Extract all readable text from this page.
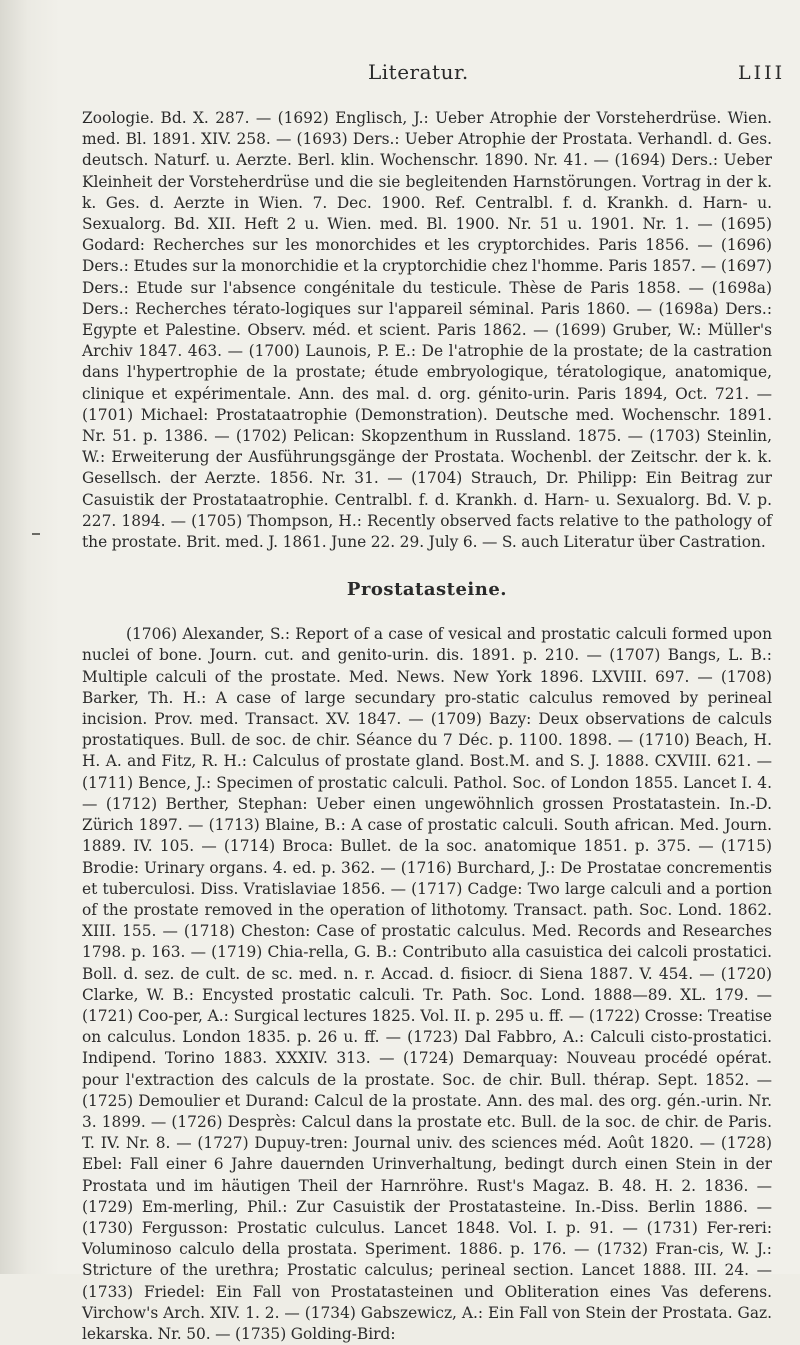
Literatur.	LIII

Zoologie. Bd. X. 287. — (1692) Englisch, J.: Ueber Atrophie der Vorsteherdrüse. Wien. med. Bl. 1891. XIV. 258. — (1693) Ders.: Ueber Atrophie der Prostata. Verhandl. d. Ges. deutsch. Naturf. u. Aerzte. Berl. klin. Wochenschr. 1890. Nr. 41. — (1694) Ders.: Ueber Kleinheit der Vorsteherdrüse und die sie begleitenden Harnstörungen. Vortrag in der k. k. Ges. d. Aerzte in Wien. 7. Dec. 1900. Ref. Centralbl. f. d. Krankh. d. Harn- u. Sexualorg. Bd. XII. Heft 2 u. Wien. med. Bl. 1900. Nr. 51 u. 1901. Nr. 1. — (1695) Godard: Recherches sur les monorchides et les cryptorchides. Paris 1856. — (1696) Ders.: Etudes sur la monorchidie et la cryptorchidie chez l'homme. Paris 1857. — (1697) Ders.: Etude sur l'absence congénitale du testicule. Thèse de Paris 1858. — (1698a) Ders.: Recherches térato-logiques sur l'appareil séminal. Paris 1860. — (1698a) Ders.: Egypte et Palestine. Observ. méd. et scient. Paris 1862. — (1699) Gruber, W.: Müller's Archiv 1847. 463. — (1700) Launois, P. E.: De l'atrophie de la prostate; de la castration dans l'hypertrophie de la prostate; étude embryologique, tératologique, anatomique, clinique et expérimentale. Ann. des mal. d. org. génito-urin. Paris 1894, Oct. 721. — (1701) Michael: Prostataatrophie (Demonstration). Deutsche med. Wochenschr. 1891. Nr. 51. p. 1386. — (1702) Pelican: Skopzenthum in Russland. 1875. — (1703) Steinlin, W.: Erweiterung der Ausführungsgänge der Prostata. Wochenbl. der Zeitschr. der k. k. Gesellsch. der Aerzte. 1856. Nr. 31. — (1704) Strauch, Dr. Philipp: Ein Beitrag zur Casuistik der Prostataatrophie. Centralbl. f. d. Krankh. d. Harn- u. Sexualorg. Bd. V. p. 227. 1894. — (1705) Thompson, H.: Recently observed facts relative to the pathology of the prostate. Brit. med. J. 1861. June 22. 29. July 6. — S. auch Literatur über Castration.

Prostatasteine.

(1706) Alexander, S.: Report of a case of vesical and prostatic calculi formed upon nuclei of bone. Journ. cut. and genito-urin. dis. 1891. p. 210. — (1707) Bangs, L. B.: Multiple calculi of the prostate. Med. News. New York 1896. LXVIII. 697. — (1708) Barker, Th. H.: A case of large secundary pro-static calculus removed by perineal incision. Prov. med. Transact. XV. 1847. — (1709) Bazy: Deux observations de calculs prostatiques. Bull. de soc. de chir. Séance du 7 Déc. p. 1100. 1898. — (1710) Beach, H. H. A. and Fitz, R. H.: Calculus of prostate gland. Bost.M. and S. J. 1888. CXVIII. 621. — (1711) Bence, J.: Specimen of prostatic calculi. Pathol. Soc. of London 1855. Lancet I. 4. — (1712) Berther, Stephan: Ueber einen ungewöhnlich grossen Prostatastein. In.-D. Zürich 1897. — (1713) Blaine, B.: A case of prostatic calculi. South african. Med. Journ. 1889. IV. 105. — (1714) Broca: Bullet. de la soc. anatomique 1851. p. 375. — (1715) Brodie: Urinary organs. 4. ed. p. 362. — (1716) Burchard, J.: De Prostatae concrementis et tuberculosi. Diss. Vratislaviae 1856. — (1717) Cadge: Two large calculi and a portion of the prostate removed in the operation of lithotomy. Transact. path. Soc. Lond. 1862. XIII. 155. — (1718) Cheston: Case of prostatic calculus. Med. Records and Researches 1798. p. 163. — (1719) Chia-rella, G. B.: Contributo alla casuistica dei calcoli prostatici. Boll. d. sez. de cult. de sc. med. n. r. Accad. d. fisiocr. di Siena 1887. V. 454. — (1720) Clarke, W. B.: Encysted prostatic calculi. Tr. Path. Soc. Lond. 1888—89. XL. 179. — (1721) Coo-per, A.: Surgical lectures 1825. Vol. II. p. 295 u. ff. — (1722) Crosse: Treatise on calculus. London 1835. p. 26 u. ff. — (1723) Dal Fabbro, A.: Calculi cisto-prostatici. Indipend. Torino 1883. XXXIV. 313. — (1724) Demarquay: Nouveau procédé opérat. pour l'extraction des calculs de la prostate. Soc. de chir. Bull. thérap. Sept. 1852. — (1725) Demoulier et Durand: Calcul de la prostate. Ann. des mal. des org. gén.-urin. Nr. 3. 1899. — (1726) Desprès: Calcul dans la prostate etc. Bull. de la soc. de chir. de Paris. T. IV. Nr. 8. — (1727) Dupuy-tren: Journal univ. des sciences méd. Août 1820. — (1728) Ebel: Fall einer 6 Jahre dauernden Urinverhaltung, bedingt durch einen Stein in der Prostata und im häutigen Theil der Harnröhre. Rust's Magaz. B. 48. H. 2. 1836. — (1729) Em-merling, Phil.: Zur Casuistik der Prostatasteine. In.-Diss. Berlin 1886. — (1730) Fergusson: Prostatic culculus. Lancet 1848. Vol. I. p. 91. — (1731) Fer-reri: Voluminoso calculo della prostata. Speriment. 1886. p. 176. — (1732) Fran-cis, W. J.: Stricture of the urethra; Prostatic calculus; perineal section. Lancet 1888. III. 24. — (1733) Friedel: Ein Fall von Prostatasteinen und Obliteration eines Vas deferens. Virchow's Arch. XIV. 1. 2. — (1734) Gabszewicz, A.: Ein Fall von Stein der Prostata. Gaz. lekarska. Nr. 50. — (1735) Golding-Bird:
